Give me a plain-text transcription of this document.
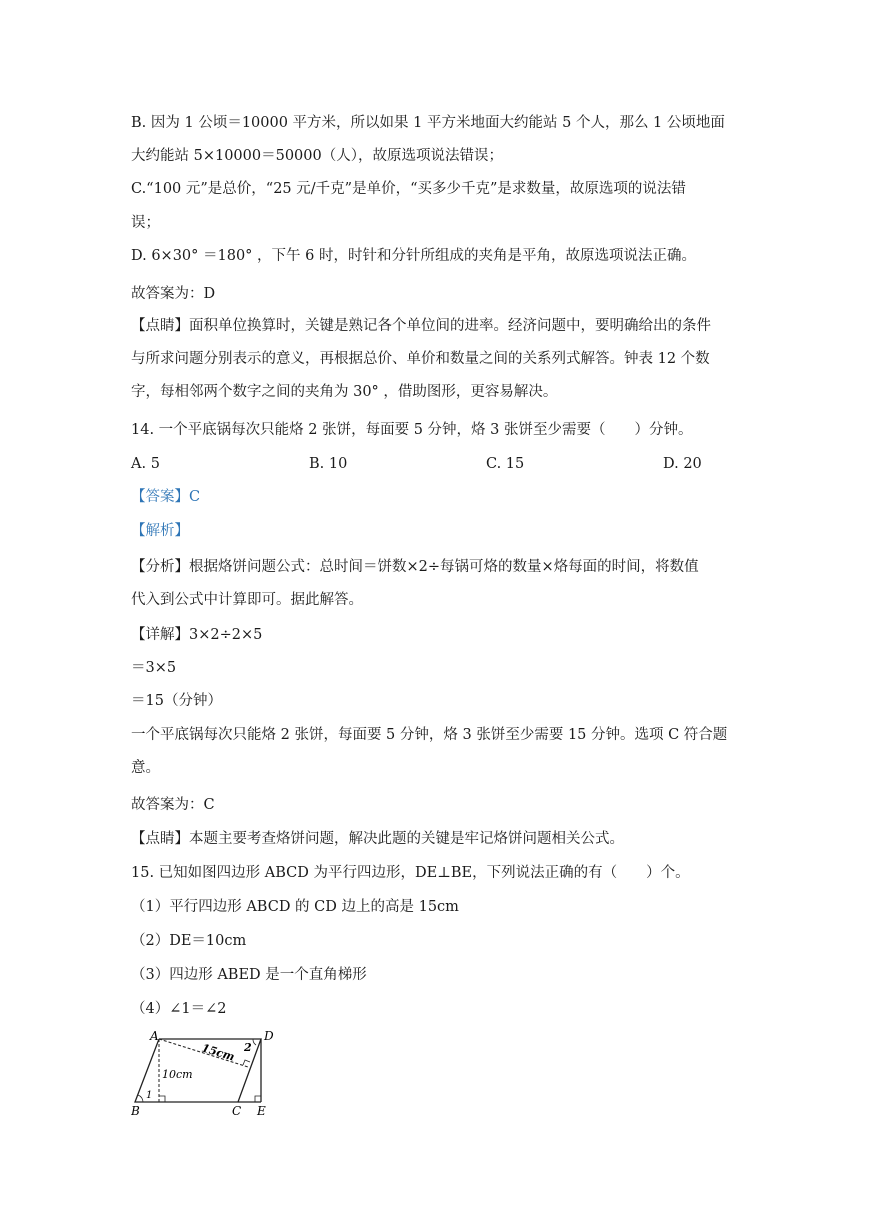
B. 因为 1 公顷＝10000 平方米，所以如果 1 平方米地面大约能站 5 个人，那么 1 公顷地面
大约能站 5×10000＝50000（人），故原选项说法错误；
C.“100 元”是总价，“25 元/千克”是单价，“买多少千克”是求数量，故原选项的说法错
误；
D. 6×30° ＝180° ，下午 6 时，时针和分针所组成的夹角是平角，故原选项说法正确。
故答案为：D
【点睛】面积单位换算时，关键是熟记各个单位间的进率。经济问题中，要明确给出的条件
与所求问题分别表示的意义，再根据总价、单价和数量之间的关系列式解答。钟表 12 个数
字，每相邻两个数字之间的夹角为 30° ，借助图形，更容易解决。
14. 一个平底锅每次只能烙 2 张饼，每面要 5 分钟，烙 3 张饼至少需要（　　）分钟。
A. 5	B. 10	C. 15	D. 20
【答案】C
【解析】
【分析】根据烙饼问题公式：总时间＝饼数×2÷每锅可烙的数量×烙每面的时间，将数值
代入到公式中计算即可。据此解答。
【详解】3×2÷2×5
＝3×5
＝15（分钟）
一个平底锅每次只能烙 2 张饼，每面要 5 分钟，烙 3 张饼至少需要 15 分钟。选项 C 符合题
意。
故答案为：C
【点睛】本题主要考查烙饼问题，解决此题的关键是牢记烙饼问题相关公式。
15. 已知如图四边形 ABCD 为平行四边形，DE⊥BE，下列说法正确的有（　　）个。
（1）平行四边形 ABCD 的 CD 边上的高是 15cm
（2）DE＝10cm
（3）四边形 ABED 是一个直角梯形
（4）∠1＝∠2
A
B	C
D
E
15cm
10cm
1
2
